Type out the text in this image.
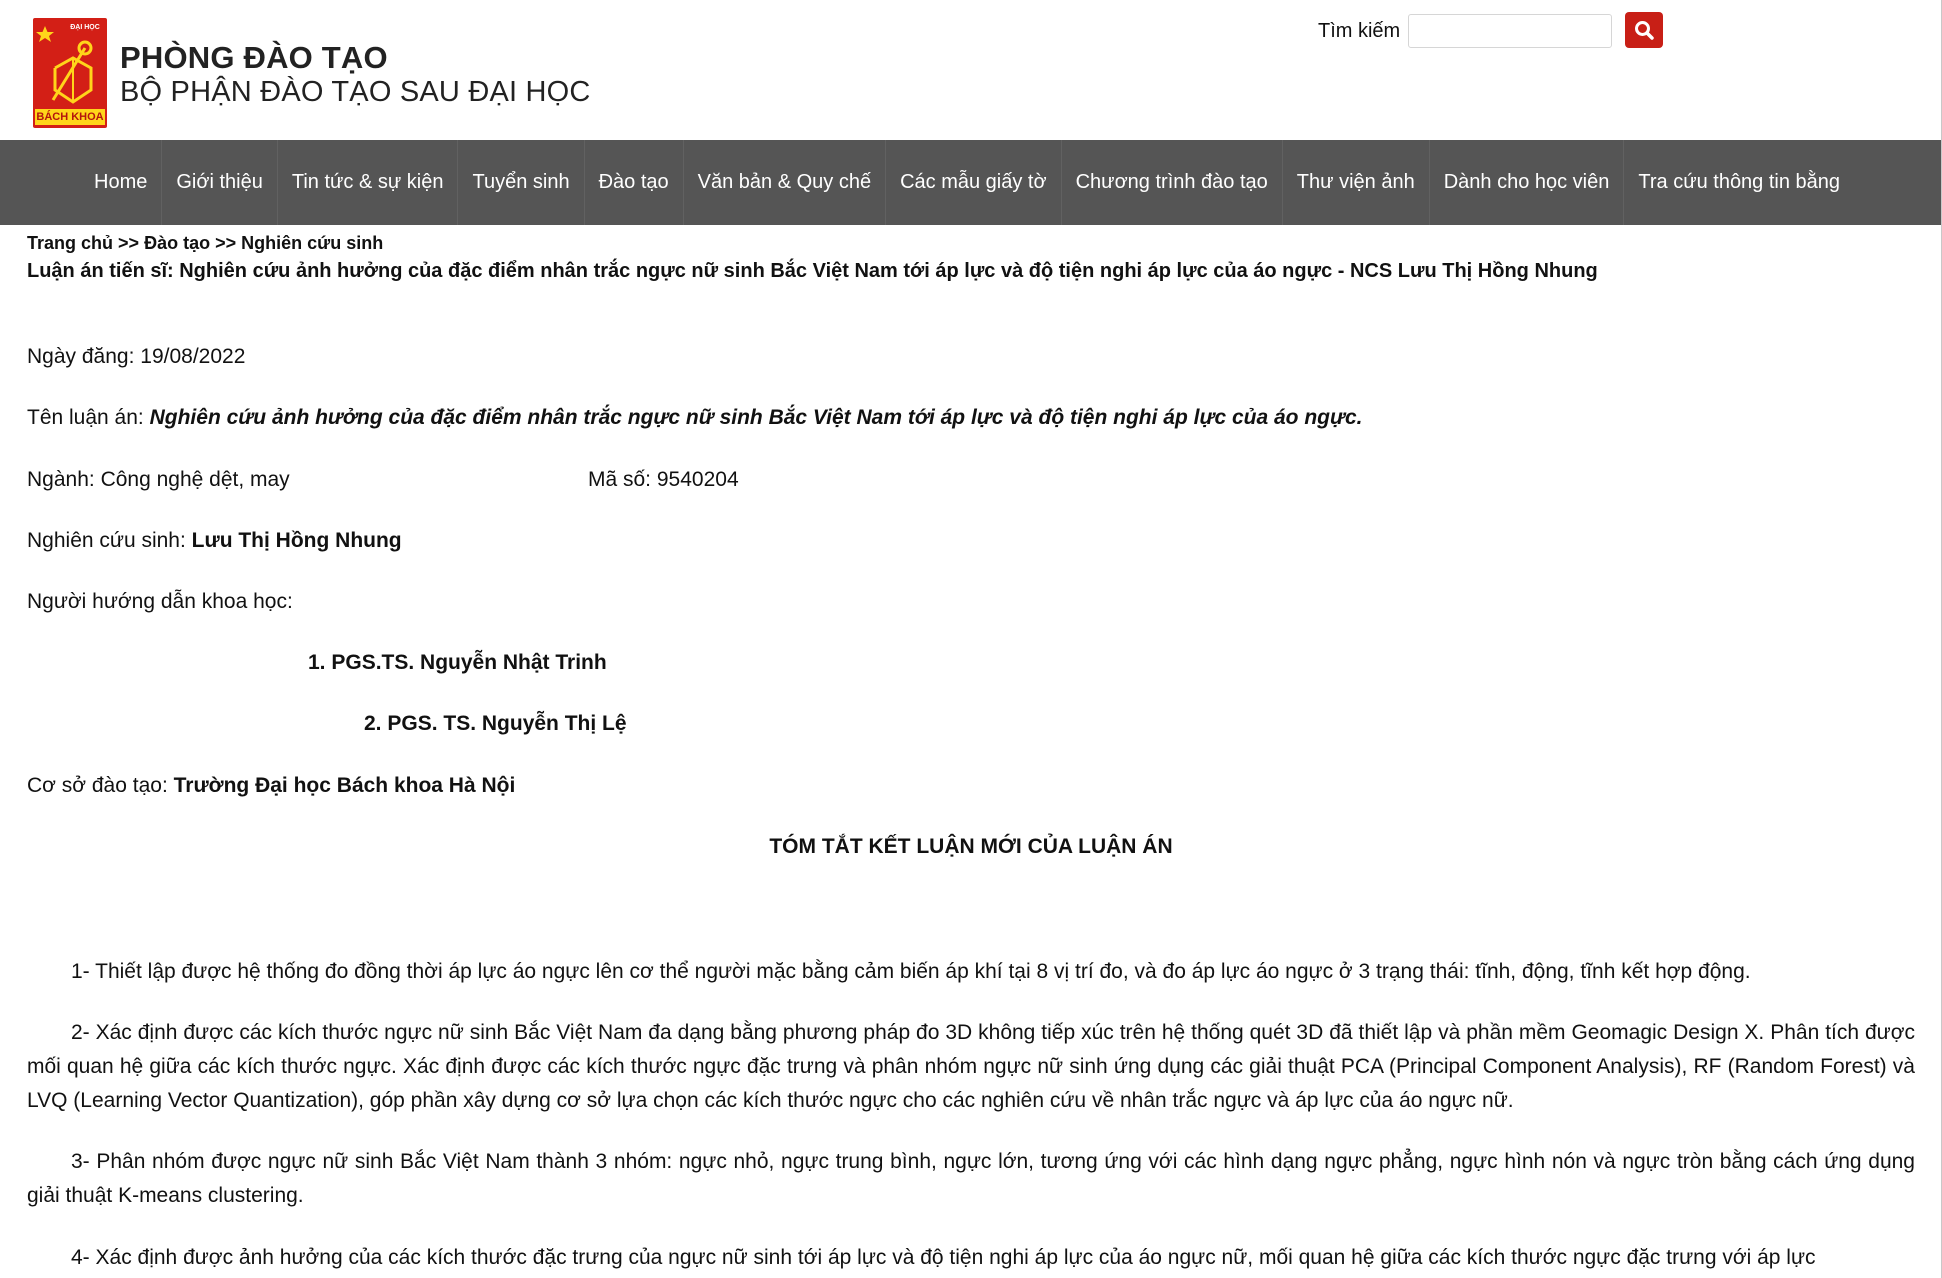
ĐẠI HỌC
BÁCH KHOA
PHÒNG ĐÀO TẠO
BỘ PHẬN ĐÀO TẠO SAU ĐẠI HỌC
Tìm kiếm
Home	Giới thiệu	Tin tức & sự kiện	Tuyển sinh	Đào tạo	Văn bản & Quy chế	Các mẫu giấy tờ	Chương trình đào tạo	Thư viện ảnh	Dành cho học viên	Tra cứu thông tin bằng
Trang chủ >> Đào tạo >> Nghiên cứu sinh
Luận án tiến sĩ: Nghiên cứu ảnh hưởng của đặc điểm nhân trắc ngực nữ sinh Bắc Việt Nam tới áp lực và độ tiện nghi áp lực của áo ngực - NCS Lưu Thị Hồng Nhung
Ngày đăng: 19/08/2022
Tên luận án: Nghiên cứu ảnh hưởng của đặc điểm nhân trắc ngực nữ sinh Bắc Việt Nam tới áp lực và độ tiện nghi áp lực của áo ngực.
Ngành: Công nghệ dệt, may	Mã số: 9540204
Nghiên cứu sinh: Lưu Thị Hồng Nhung
Người hướng dẫn khoa học:
1. PGS.TS. Nguyễn Nhật Trinh
2. PGS. TS. Nguyễn Thị Lệ
Cơ sở đào tạo: Trường Đại học Bách khoa Hà Nội
TÓM TẮT KẾT LUẬN MỚI CỦA LUẬN ÁN
1- Thiết lập được hệ thống đo đồng thời áp lực áo ngực lên cơ thể người mặc bằng cảm biến áp khí tại 8 vị trí đo, và đo áp lực áo ngực ở 3 trạng thái: tĩnh, động, tĩnh kết hợp động.
2- Xác định được các kích thước ngực nữ sinh Bắc Việt Nam đa dạng bằng phương pháp đo 3D không tiếp xúc trên hệ thống quét 3D đã thiết lập và phần mềm Geomagic Design X. Phân tích được mối quan hệ giữa các kích thước ngực. Xác định được các kích thước ngực đặc trưng và phân nhóm ngực nữ sinh ứng dụng các giải thuật PCA (Principal Component Analysis), RF (Random Forest) và LVQ (Learning Vector Quantization), góp phần xây dựng cơ sở lựa chọn các kích thước ngực cho các nghiên cứu về nhân trắc ngực và áp lực của áo ngực nữ.
3- Phân nhóm được ngực nữ sinh Bắc Việt Nam thành 3 nhóm: ngực nhỏ, ngực trung bình, ngực lớn, tương ứng với các hình dạng ngực phẳng, ngực hình nón và ngực tròn bằng cách ứng dụng giải thuật K-means clustering.
4- Xác định được ảnh hưởng của các kích thước đặc trưng của ngực nữ sinh tới áp lực và độ tiện nghi áp lực của áo ngực nữ, mối quan hệ giữa các kích thước ngực đặc trưng với áp lực
